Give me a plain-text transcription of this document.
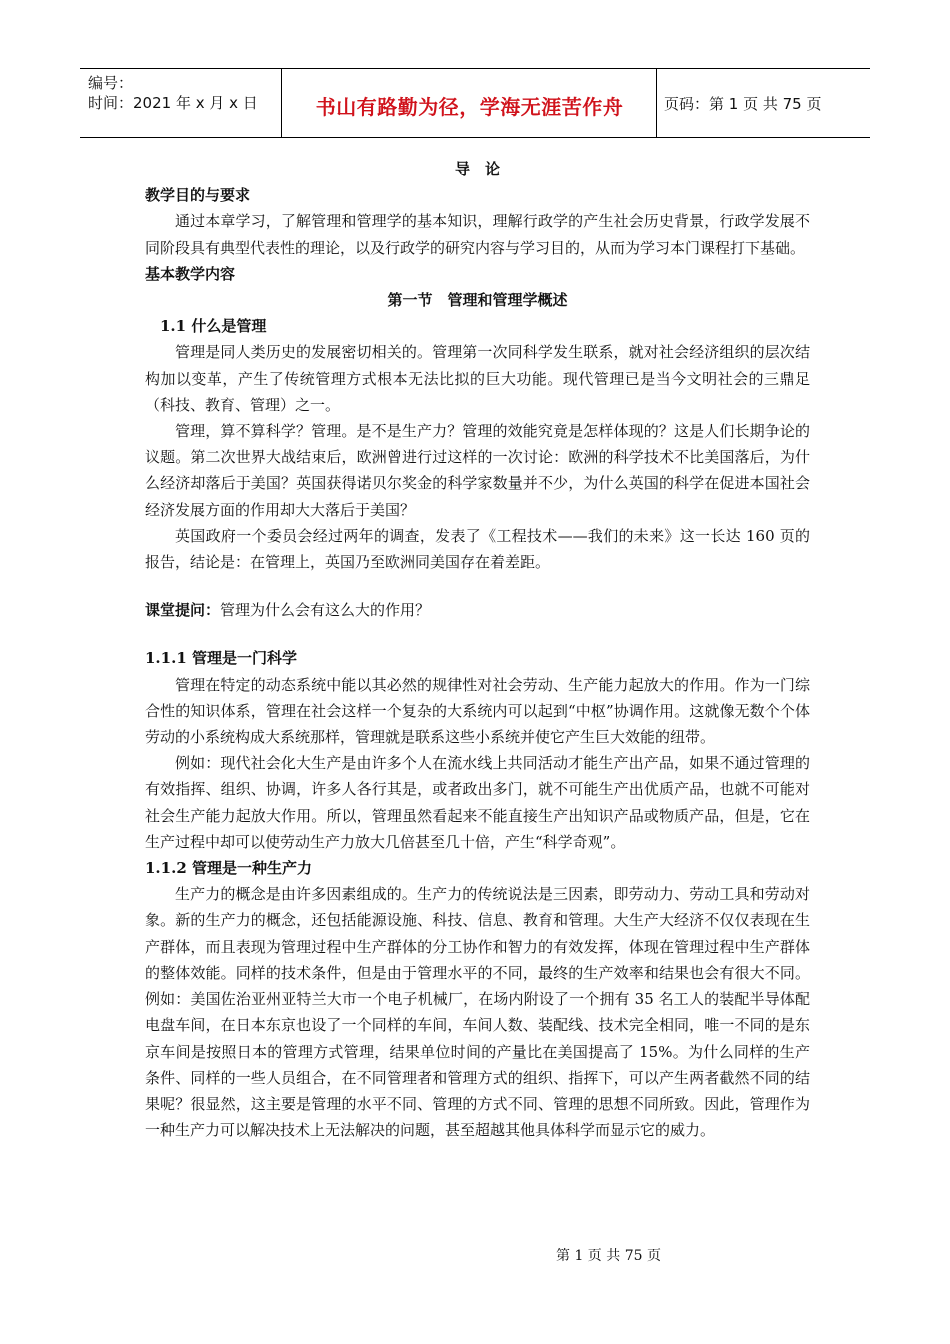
编号：
时间：2021 年 x 月 x 日	书山有路勤为径，学海无涯苦作舟	页码：第 1 页 共 75 页

导　论

教学目的与要求

通过本章学习，了解管理和管理学的基本知识，理解行政学的产生社会历史背景，行政学发展不同阶段具有典型代表性的理论，以及行政学的研究内容与学习目的，从而为学习本门课程打下基础。

基本教学内容

第一节　管理和管理学概述

1.1 什么是管理

管理是同人类历史的发展密切相关的。管理第一次同科学发生联系，就对社会经济组织的层次结构加以变革，产生了传统管理方式根本无法比拟的巨大功能。现代管理已是当今文明社会的三鼎足（科技、教育、管理）之一。

管理，算不算科学？管理。是不是生产力？管理的效能究竟是怎样体现的？这是人们长期争论的议题。第二次世界大战结束后，欧洲曾进行过这样的一次讨论：欧洲的科学技术不比美国落后，为什么经济却落后于美国？英国获得诺贝尔奖金的科学家数量并不少，为什么英国的科学在促进本国社会经济发展方面的作用却大大落后于美国？

英国政府一个委员会经过两年的调查，发表了《工程技术——我们的未来》这一长达 160 页的报告，结论是：在管理上，英国乃至欧洲同美国存在着差距。

课堂提问：管理为什么会有这么大的作用？

1.1.1 管理是一门科学

管理在特定的动态系统中能以其必然的规律性对社会劳动、生产能力起放大的作用。作为一门综合性的知识体系，管理在社会这样一个复杂的大系统内可以起到“中枢”协调作用。这就像无数个个体劳动的小系统构成大系统那样，管理就是联系这些小系统并使它产生巨大效能的纽带。

例如：现代社会化大生产是由许多个人在流水线上共同活动才能生产出产品，如果不通过管理的有效指挥、组织、协调，许多人各行其是，或者政出多门，就不可能生产出优质产品，也就不可能对社会生产能力起放大作用。所以，管理虽然看起来不能直接生产出知识产品或物质产品，但是，它在生产过程中却可以使劳动生产力放大几倍甚至几十倍，产生“科学奇观”。

1.1.2 管理是一种生产力

生产力的概念是由许多因素组成的。生产力的传统说法是三因素，即劳动力、劳动工具和劳动对象。新的生产力的概念，还包括能源设施、科技、信息、教育和管理。大生产大经济不仅仅表现在生产群体，而且表现为管理过程中生产群体的分工协作和智力的有效发挥，体现在管理过程中生产群体的整体效能。同样的技术条件，但是由于管理水平的不同，最终的生产效率和结果也会有很大不同。例如：美国佐治亚州亚特兰大市一个电子机械厂，在场内附设了一个拥有 35 名工人的装配半导体配电盘车间，在日本东京也设了一个同样的车间，车间人数、装配线、技术完全相同，唯一不同的是东京车间是按照日本的管理方式管理，结果单位时间的产量比在美国提高了 15%。为什么同样的生产条件、同样的一些人员组合，在不同管理者和管理方式的组织、指挥下，可以产生两者截然不同的结果呢？很显然，这主要是管理的水平不同、管理的方式不同、管理的思想不同所致。因此，管理作为一种生产力可以解决技术上无法解决的问题，甚至超越其他具体科学而显示它的威力。

第 1 页 共 75 页
